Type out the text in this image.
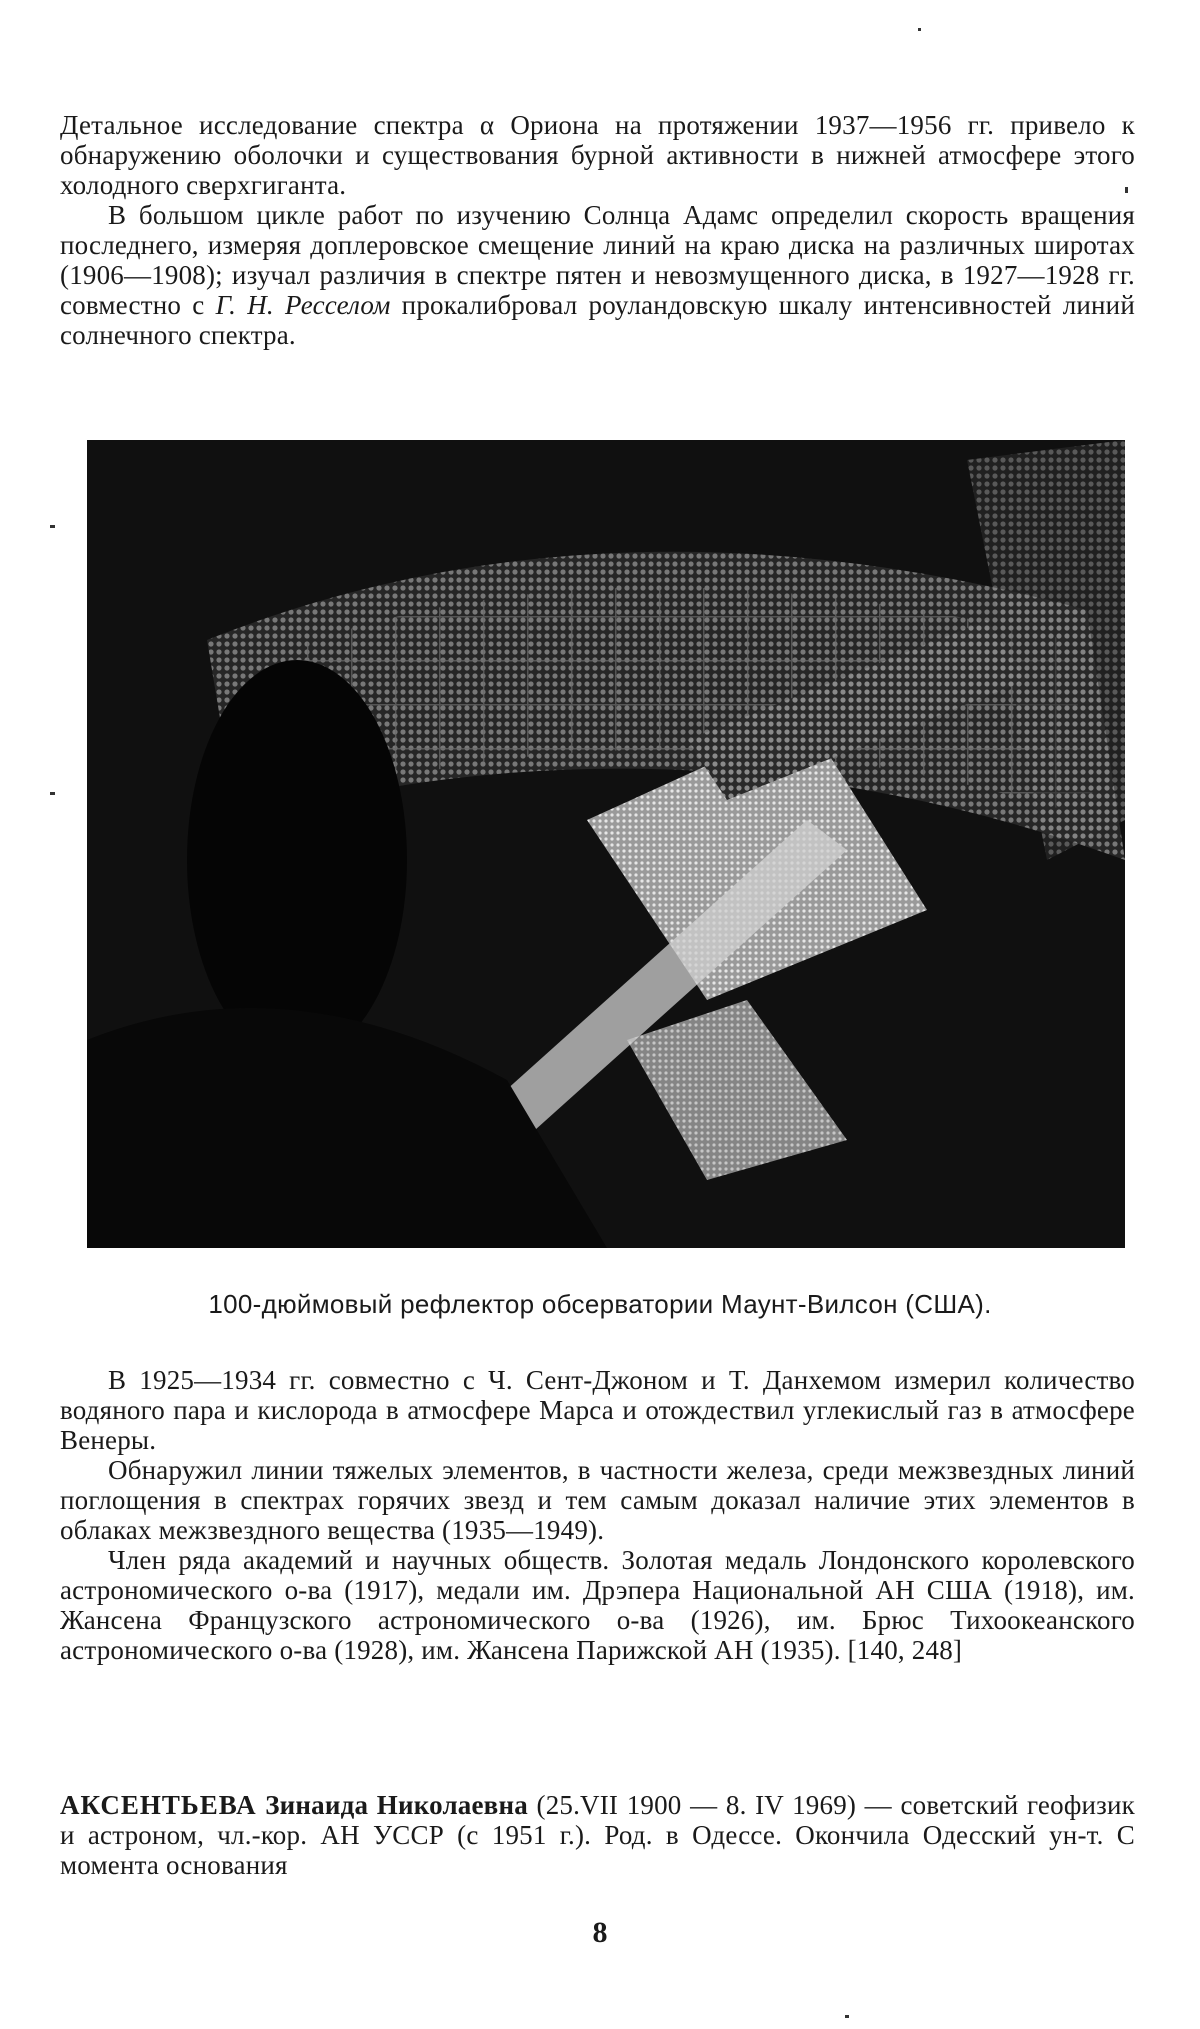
Детальное исследование спектра α Ориона на протяжении 1937—1956 гг. привело к обнаружению оболочки и существования бурной активности в нижней атмосфере этого холодного сверхгиганта.

В большом цикле работ по изучению Солнца Адамс определил скорость вращения последнего, измеряя доплеровское смещение линий на краю диска на различных широтах (1906—1908); изучал различия в спектре пятен и невозмущенного диска, в 1927—1928 гг. совместно с Г. Н. Ресселом прокалибровал роуландовскую шкалу интенсивностей линий солнечного спектра.

100-дюймовый рефлектор обсерватории Маунт-Вилсон (США).

В 1925—1934 гг. совместно с Ч. Сент-Джоном и Т. Данхемом измерил количество водяного пара и кислорода в атмосфере Марса и отождествил углекислый газ в атмосфере Венеры.

Обнаружил линии тяжелых элементов, в частности железа, среди межзвездных линий поглощения в спектрах горячих звезд и тем самым доказал наличие этих элементов в облаках межзвездного вещества (1935—1949).

Член ряда академий и научных обществ. Золотая медаль Лондонского королевского астрономического о-ва (1917), медали им. Дрэпера Национальной АН США (1918), им. Жансена Французского астрономического о-ва (1926), им. Брюс Тихоокеанского астрономического о-ва (1928), им. Жансена Парижской АН (1935). [140, 248]

АКСЕНТЬЕВА Зинаида Николаевна (25.VII 1900 — 8. IV 1969) — советский геофизик и астроном, чл.-кор. АН УССР (с 1951 г.). Род. в Одессе. Окончила Одесский ун-т. С момента основания

8
